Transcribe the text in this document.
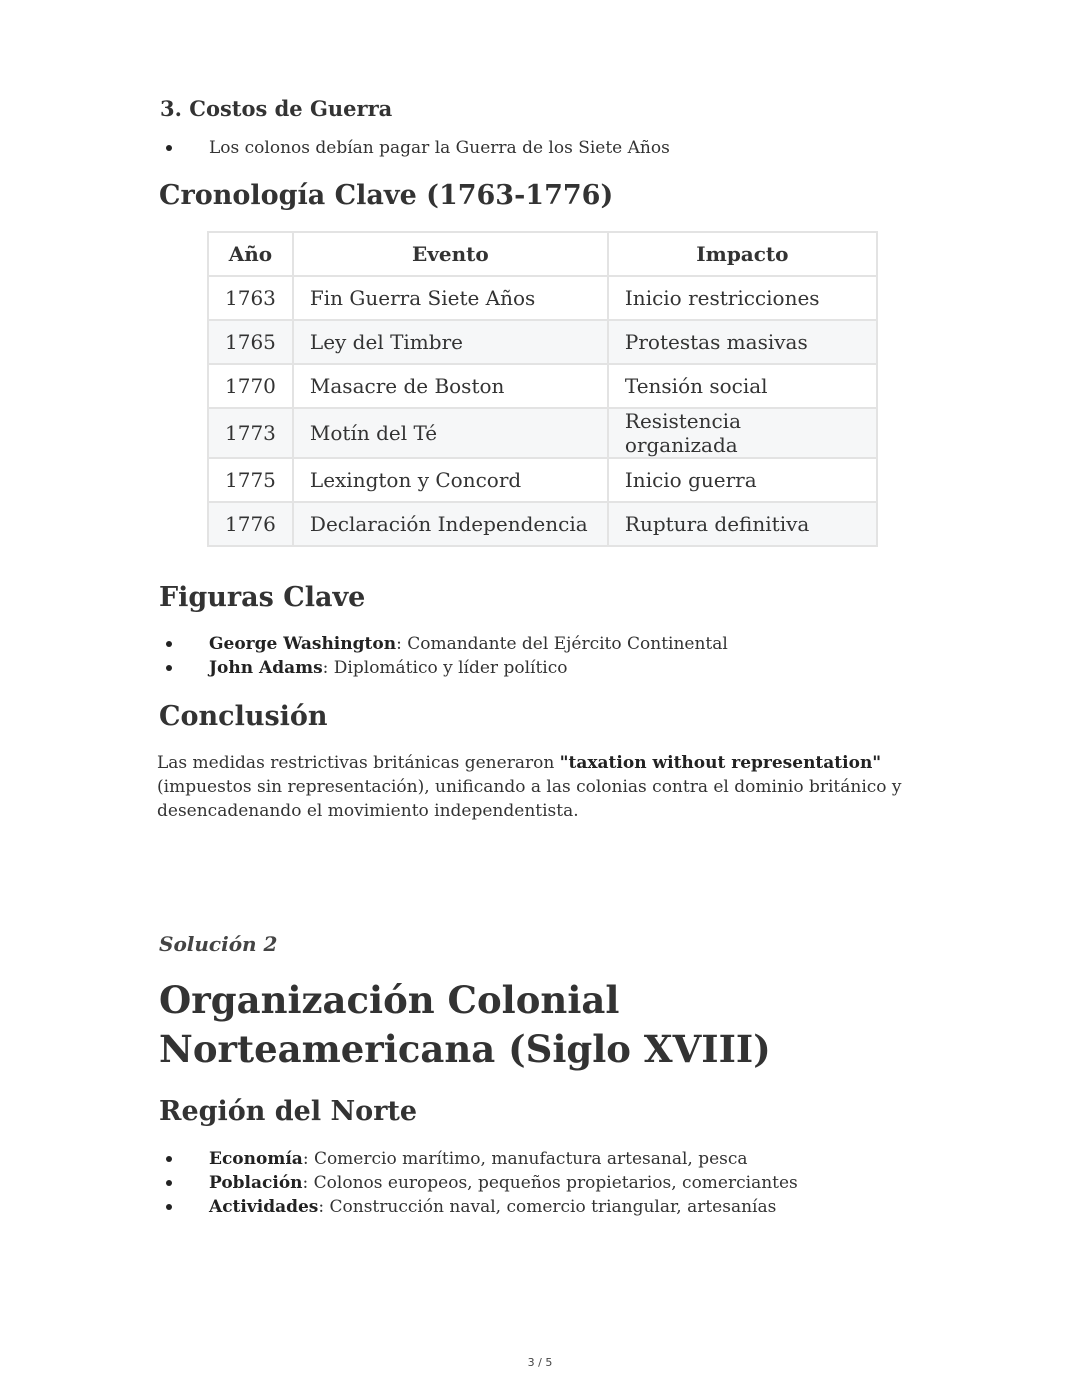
3. Costos de Guerra
Los colonos debían pagar la Guerra de los Siete Años
Cronología Clave (1763-1776)
Año	Evento	Impacto
1763	Fin Guerra Siete Años	Inicio restricciones
1765	Ley del Timbre	Protestas masivas
1770	Masacre de Boston	Tensión social
1773	Motín del Té	Resistencia organizada
1775	Lexington y Concord	Inicio guerra
1776	Declaración Independencia	Ruptura definitiva
Figuras Clave
George Washington: Comandante del Ejército Continental
John Adams: Diplomático y líder político
Conclusión

Las medidas restrictivas británicas generaron "taxation without representation" (impuestos sin representación), unificando a las colonias contra el dominio británico y desencadenando el movimiento independentista.

Solución 2

Organización Colonial Norteamericana (Siglo XVIII)
Región del Norte
Economía: Comercio marítimo, manufactura artesanal, pesca
Población: Colonos europeos, pequeños propietarios, comerciantes
Actividades: Construcción naval, comercio triangular, artesanías
3 / 5
